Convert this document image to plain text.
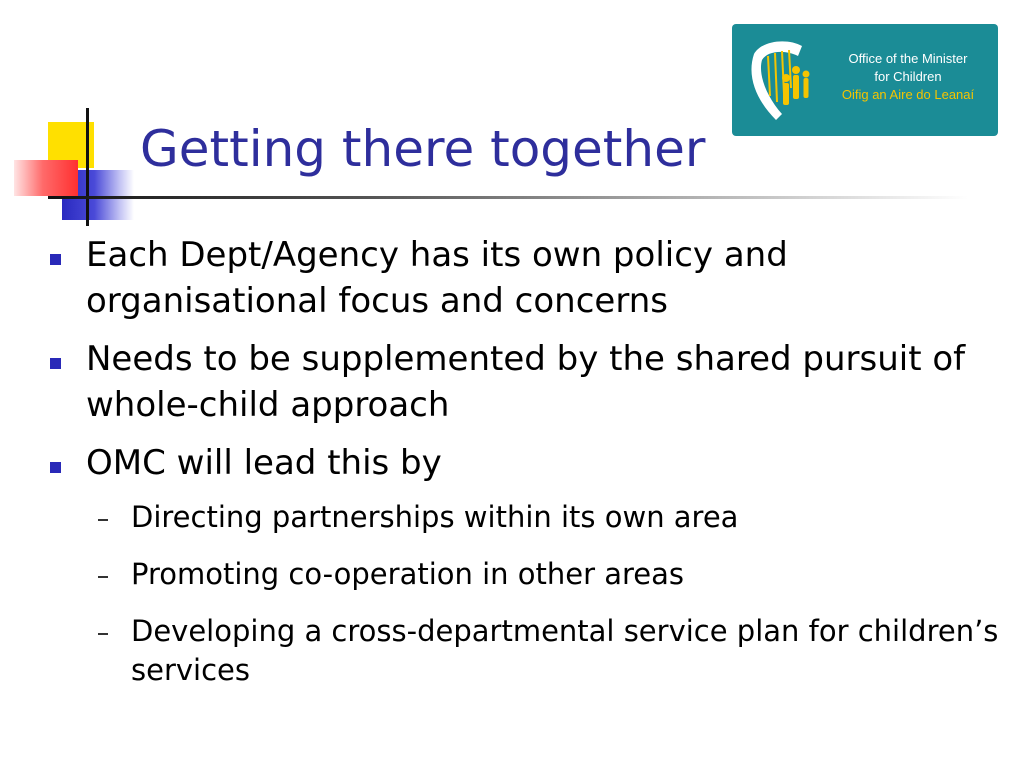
Getting there together
Office of the Minister
for Children
Oifig an Aire do Leanaí
Each Dept/Agency has its own policy and organisational focus and concerns
Needs to be supplemented by the shared pursuit of whole-child approach
OMC will lead this by
Directing partnerships within its own area
Promoting co-operation in other areas
Developing a cross-departmental service plan for children’s services
